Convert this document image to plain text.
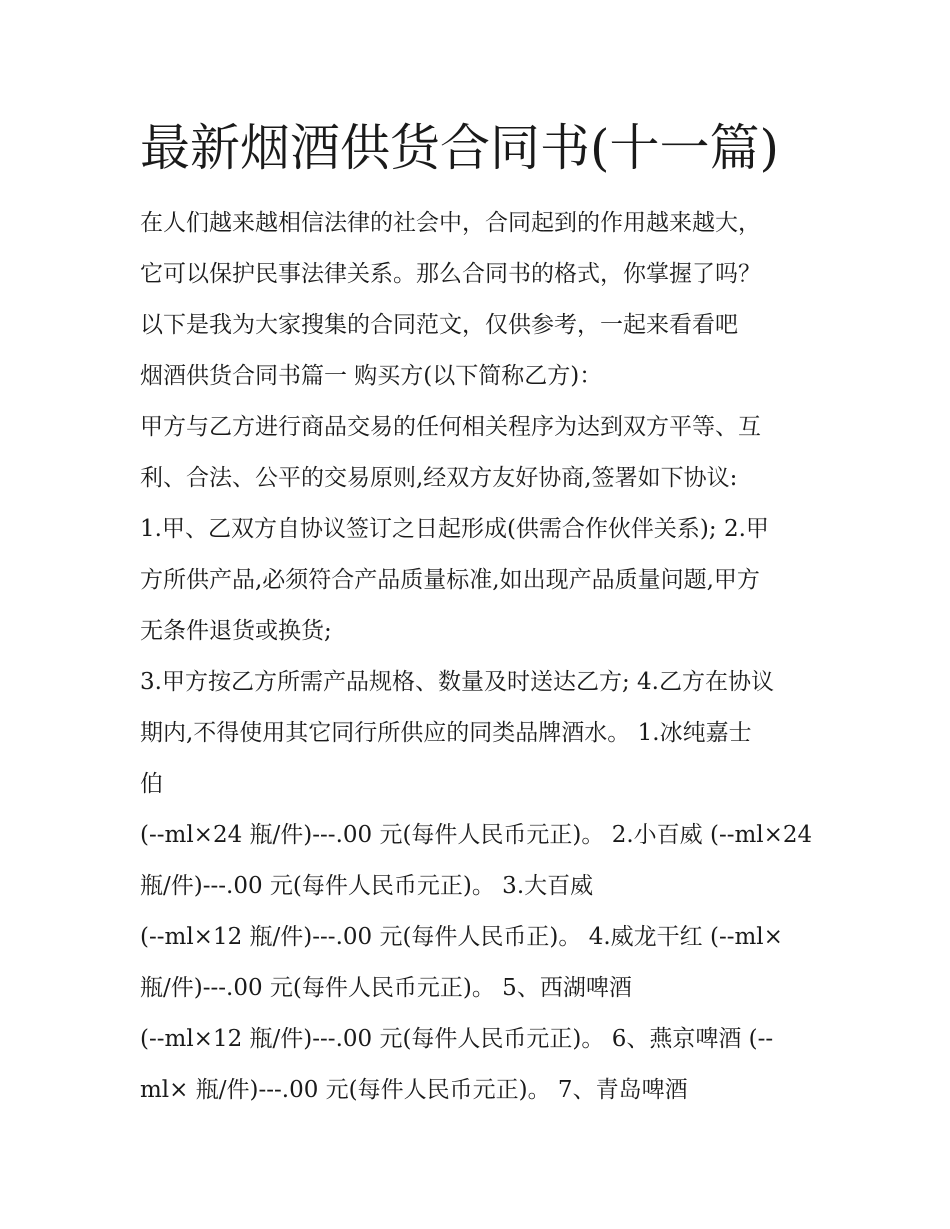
最新烟酒供货合同书(十一篇)

在人们越来越相信法律的社会中，合同起到的作用越来越大，

它可以保护民事法律关系。那么合同书的格式，你掌握了吗？

以下是我为大家搜集的合同范文，仅供参考，一起来看看吧

烟酒供货合同书篇一 购买方(以下简称乙方)：

甲方与乙方进行商品交易的任何相关程序为达到双方平等、互

利、合法、公平的交易原则,经双方友好协商,签署如下协议:

1.甲、乙双方自协议签订之日起形成(供需合作伙伴关系); 2.甲

方所供产品,必须符合产品质量标准,如出现产品质量问题,甲方

无条件退货或换货;

3.甲方按乙方所需产品规格、数量及时送达乙方; 4.乙方在协议

期内,不得使用其它同行所供应的同类品牌酒水。 1.冰纯嘉士

伯

(--ml×24 瓶/件)---.00 元(每件人民币元正)。 2.小百威 (--ml×24

瓶/件)---.00 元(每件人民币元正)。 3.大百威

(--ml×12 瓶/件)---.00 元(每件人民币正)。 4.威龙干红 (--ml×

瓶/件)---.00 元(每件人民币元正)。 5、西湖啤酒

(--ml×12 瓶/件)---.00 元(每件人民币元正)。 6、燕京啤酒 (--

ml× 瓶/件)---.00 元(每件人民币元正)。 7、青岛啤酒
